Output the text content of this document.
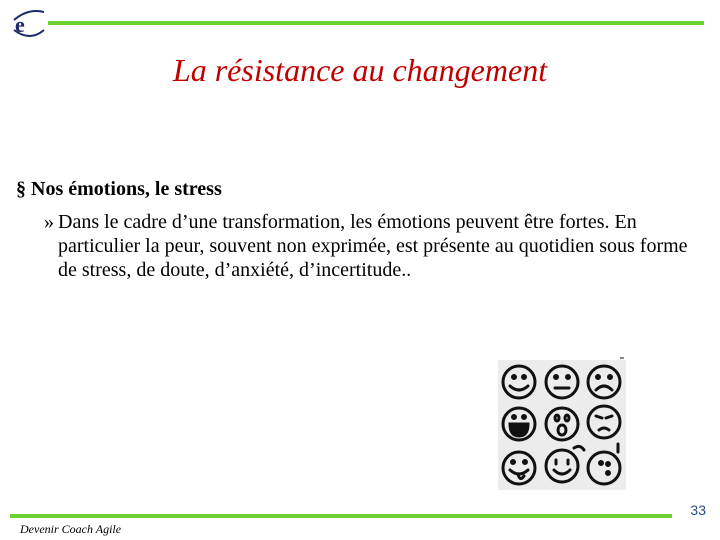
e
La résistance au changement
§ Nos émotions, le stress
» Dans le cadre d’une transformation, les émotions peuvent être fortes. En particulier la peur, souvent non exprimée, est présente au quotidien sous forme de stress, de doute, d’anxiété, d’incertitude..
33
Devenir Coach Agile
